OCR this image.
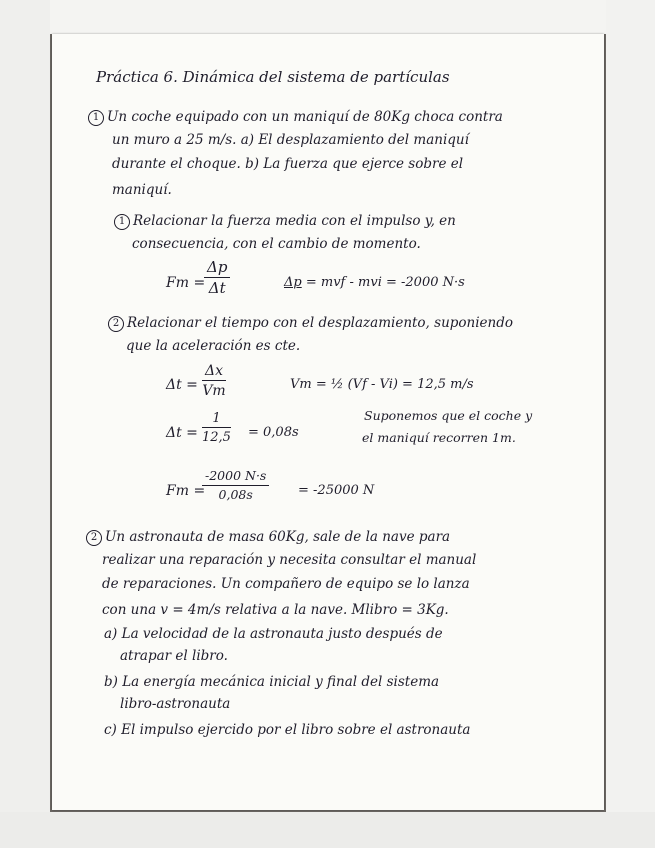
Práctica 6. Dinámica del sistema de partículas
1 Un coche equipado con un maniquí de 80Kg choca contra
un muro a 25 m/s. a) El desplazamiento del maniquí
durante el choque. b) La fuerza que ejerce sobre el
maniquí.
1 Relacionar la fuerza media con el impulso y, en
consecuencia, con el cambio de momento.
Fm =
$\frac{\Delta p}{\Delta t}$	Δp = mvf - mvi = -2000 N·s
2 Relacionar el tiempo con el desplazamiento, suponiendo
que la aceleración es cte.
$\Delta t = \frac{\Delta x}{Vm}$	Vm = ½ (Vf - Vi) = 12,5 m/s
$\Delta t = \frac{1}{12,5} = 0,08s$
Suponemos que el coche y
el maniquí recorren 1m.
Fm =
$\frac{-2000 N\cdot s}{0,08s} = -25000$ N
2 Un astronauta de masa 60Kg, sale de la nave para
realizar una reparación y necesita consultar el manual
de reparaciones. Un compañero de equipo se lo lanza
con una v = 4m/s relativa a la nave. Mlibro = 3Kg.
a) La velocidad de la astronauta justo después de
atrapar el libro.
b) La energía mecánica inicial y final del sistema
libro-astronauta
c) El impulso ejercido por el libro sobre el astronauta
